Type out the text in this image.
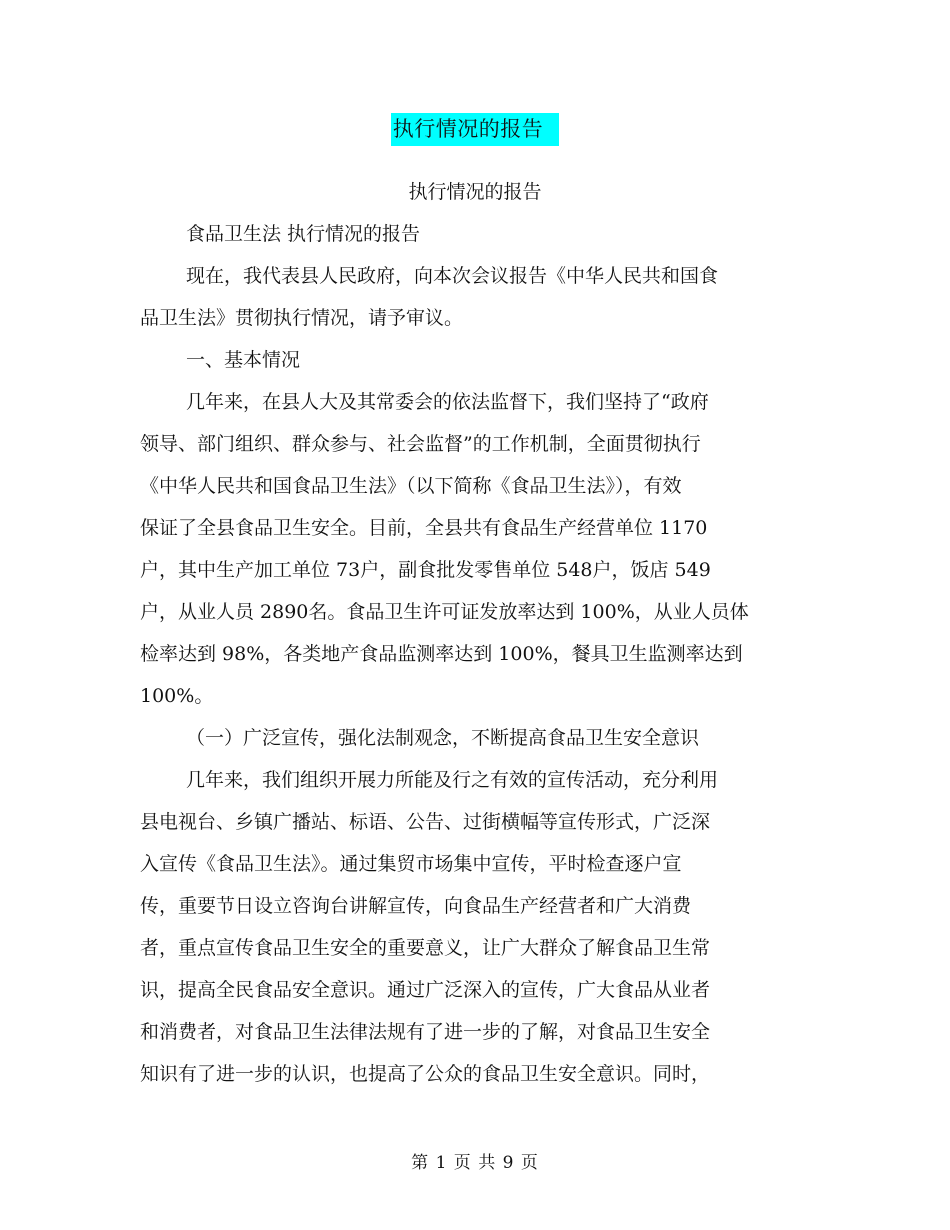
执行情况的报告
执行情况的报告
食品卫生法 执行情况的报告
现在，我代表县人民政府，向本次会议报告《中华人民共和国食
品卫生法》贯彻执行情况，请予审议。
一、基本情况
几年来，在县人大及其常委会的依法监督下，我们坚持了“政府
领导、部门组织、群众参与、社会监督”的工作机制，全面贯彻执行
《中华人民共和国食品卫生法》（以下简称《食品卫生法》），有效
保证了全县食品卫生安全。目前，全县共有食品生产经营单位 1170
户，其中生产加工单位 73户，副食批发零售单位 548户，饭店 549
户，从业人员 2890名。食品卫生许可证发放率达到 100%，从业人员体
检率达到 98%，各类地产食品监测率达到 100%，餐具卫生监测率达到
100%。
（一）广泛宣传，强化法制观念，不断提高食品卫生安全意识
几年来，我们组织开展力所能及行之有效的宣传活动，充分利用
县电视台、乡镇广播站、标语、公告、过街横幅等宣传形式，广泛深
入宣传《食品卫生法》。通过集贸市场集中宣传，平时检查逐户宣
传，重要节日设立咨询台讲解宣传，向食品生产经营者和广大消费
者，重点宣传食品卫生安全的重要意义，让广大群众了解食品卫生常
识，提高全民食品安全意识。通过广泛深入的宣传，广大食品从业者
和消费者，对食品卫生法律法规有了进一步的了解，对食品卫生安全
知识有了进一步的认识，也提高了公众的食品卫生安全意识。同时，
第 1 页 共 9 页
